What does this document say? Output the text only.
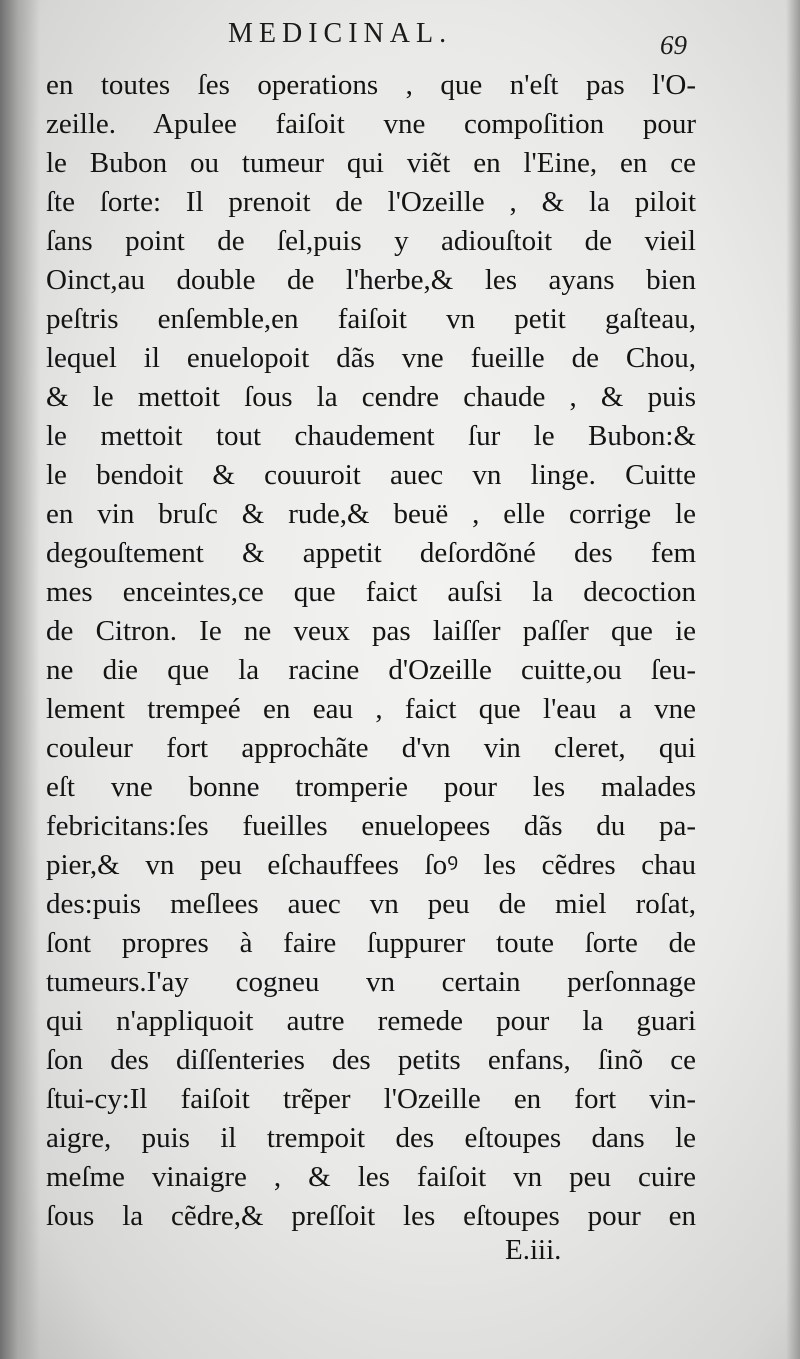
MEDICINAL.	69
en toutes ſes operations , que n'eſt pas l'O-
zeille. Apulee faiſoit vne compoſition pour
le Bubon ou tumeur qui viẽt en l'Eine, en ce
ſte ſorte: Il prenoit de l'Ozeille , & la piloit
ſans point de ſel,puis y adiouſtoit de vieil
Oinct,au double de l'herbe,& les ayans bien
peſtris enſemble,en faiſoit vn petit gaſteau,
lequel il enuelopoit dãs vne fueille de Chou,
& le mettoit ſous la cendre chaude , & puis
le mettoit tout chaudement ſur le Bubon:&
le bendoit & couuroit auec vn linge. Cuitte
en vin bruſc & rude,& beuë , elle corrige le
degouſtement & appetit deſordõné des fem
mes enceintes,ce que faict auſsi la decoction
de Citron. Ie ne veux pas laiſſer paſſer que ie
ne die que la racine d'Ozeille cuitte,ou ſeu-
lement trempeé en eau , faict que l'eau a vne
couleur fort approchãte d'vn vin cleret, qui
eſt vne bonne tromperie pour les malades
febricitans:ſes fueilles enuelopees dãs du pa-
pier,& vn peu eſchauffees ſoꝰ les cẽdres chau
des:puis meſlees auec vn peu de miel roſat,
ſont propres à faire ſuppurer toute ſorte de
tumeurs.I'ay cogneu vn certain perſonnage
qui n'appliquoit autre remede pour la guari
ſon des diſſenteries des petits enfans, ſinõ ce
ſtui-cy:Il faiſoit trẽper l'Ozeille en fort vin-
aigre, puis il trempoit des eſtoupes dans le
meſme vinaigre , & les faiſoit vn peu cuire
ſous la cẽdre,& preſſoit les eſtoupes pour en
E.iii.
